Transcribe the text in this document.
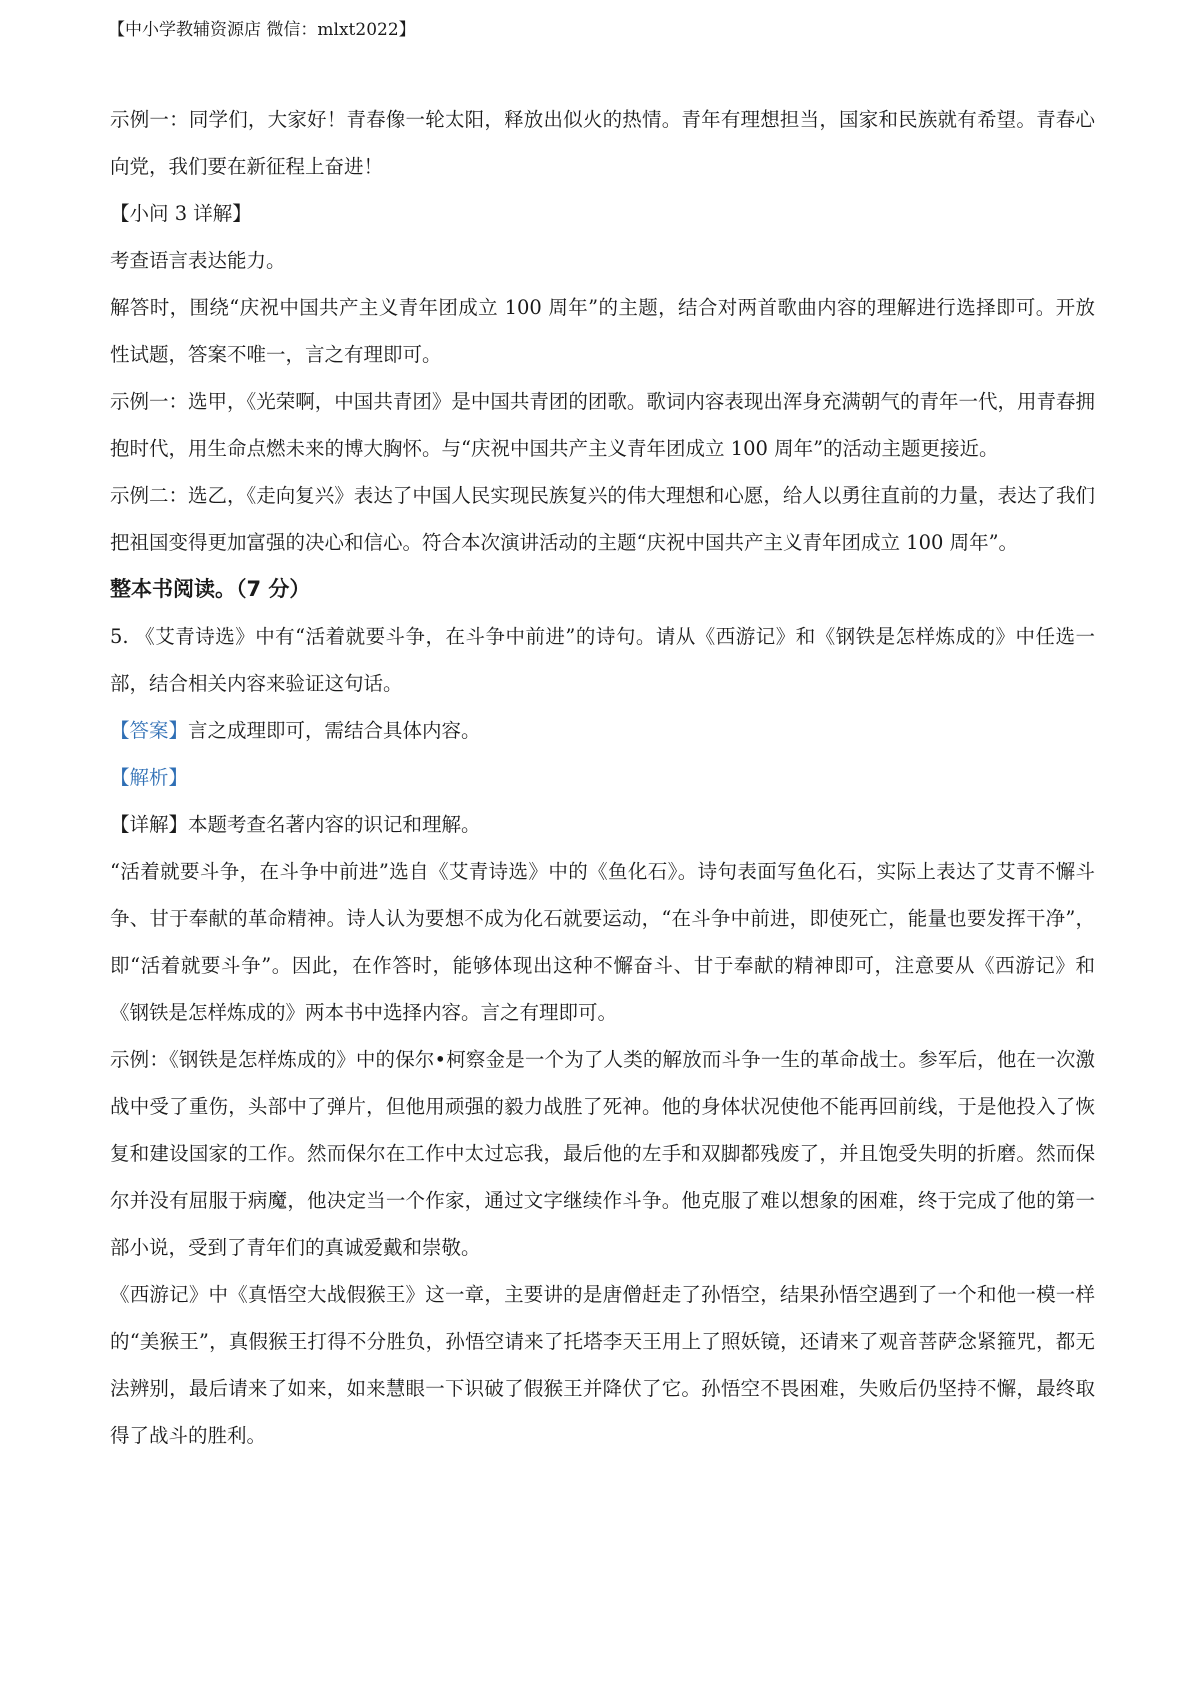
【中小学教辅资源店 微信：mlxt2022】

示例一：同学们，大家好！青春像一轮太阳，释放出似火的热情。青年有理想担当，国家和民族就有希望。青春心向党，我们要在新征程上奋进！

【小问 3 详解】

考查语言表达能力。

解答时，围绕“庆祝中国共产主义青年团成立 100 周年”的主题，结合对两首歌曲内容的理解进行选择即可。开放性试题，答案不唯一，言之有理即可。

示例一：选甲，《光荣啊，中国共青团》是中国共青团的团歌。歌词内容表现出浑身充满朝气的青年一代，用青春拥抱时代，用生命点燃未来的博大胸怀。与“庆祝中国共产主义青年团成立 100 周年”的活动主题更接近。

示例二：选乙，《走向复兴》表达了中国人民实现民族复兴的伟大理想和心愿，给人以勇往直前的力量，表达了我们把祖国变得更加富强的决心和信心。符合本次演讲活动的主题“庆祝中国共产主义青年团成立 100 周年”。

整本书阅读。（7 分）

5. 《艾青诗选》中有“活着就要斗争，在斗争中前进”的诗句。请从《西游记》和《钢铁是怎样炼成的》中任选一部，结合相关内容来验证这句话。

【答案】言之成理即可，需结合具体内容。

【解析】

【详解】本题考查名著内容的识记和理解。

“活着就要斗争，在斗争中前进”选自《艾青诗选》中的《鱼化石》。诗句表面写鱼化石，实际上表达了艾青不懈斗争、甘于奉献的革命精神。诗人认为要想不成为化石就要运动，“在斗争中前进，即使死亡，能量也要发挥干净”，即“活着就要斗争”。因此，在作答时，能够体现出这种不懈奋斗、甘于奉献的精神即可，注意要从《西游记》和《钢铁是怎样炼成的》两本书中选择内容。言之有理即可。

示例：《钢铁是怎样炼成的》中的保尔•柯察金是一个为了人类的解放而斗争一生的革命战士。参军后，他在一次激战中受了重伤，头部中了弹片，但他用顽强的毅力战胜了死神。他的身体状况使他不能再回前线，于是他投入了恢复和建设国家的工作。然而保尔在工作中太过忘我，最后他的左手和双脚都残废了，并且饱受失明的折磨。然而保尔并没有屈服于病魔，他决定当一个作家，通过文字继续作斗争。他克服了难以想象的困难，终于完成了他的第一部小说，受到了青年们的真诚爱戴和崇敬。

《西游记》中《真悟空大战假猴王》这一章，主要讲的是唐僧赶走了孙悟空，结果孙悟空遇到了一个和他一模一样的“美猴王”，真假猴王打得不分胜负，孙悟空请来了托塔李天王用上了照妖镜，还请来了观音菩萨念紧箍咒，都无法辨别，最后请来了如来，如来慧眼一下识破了假猴王并降伏了它。孙悟空不畏困难，失败后仍坚持不懈，最终取得了战斗的胜利。
